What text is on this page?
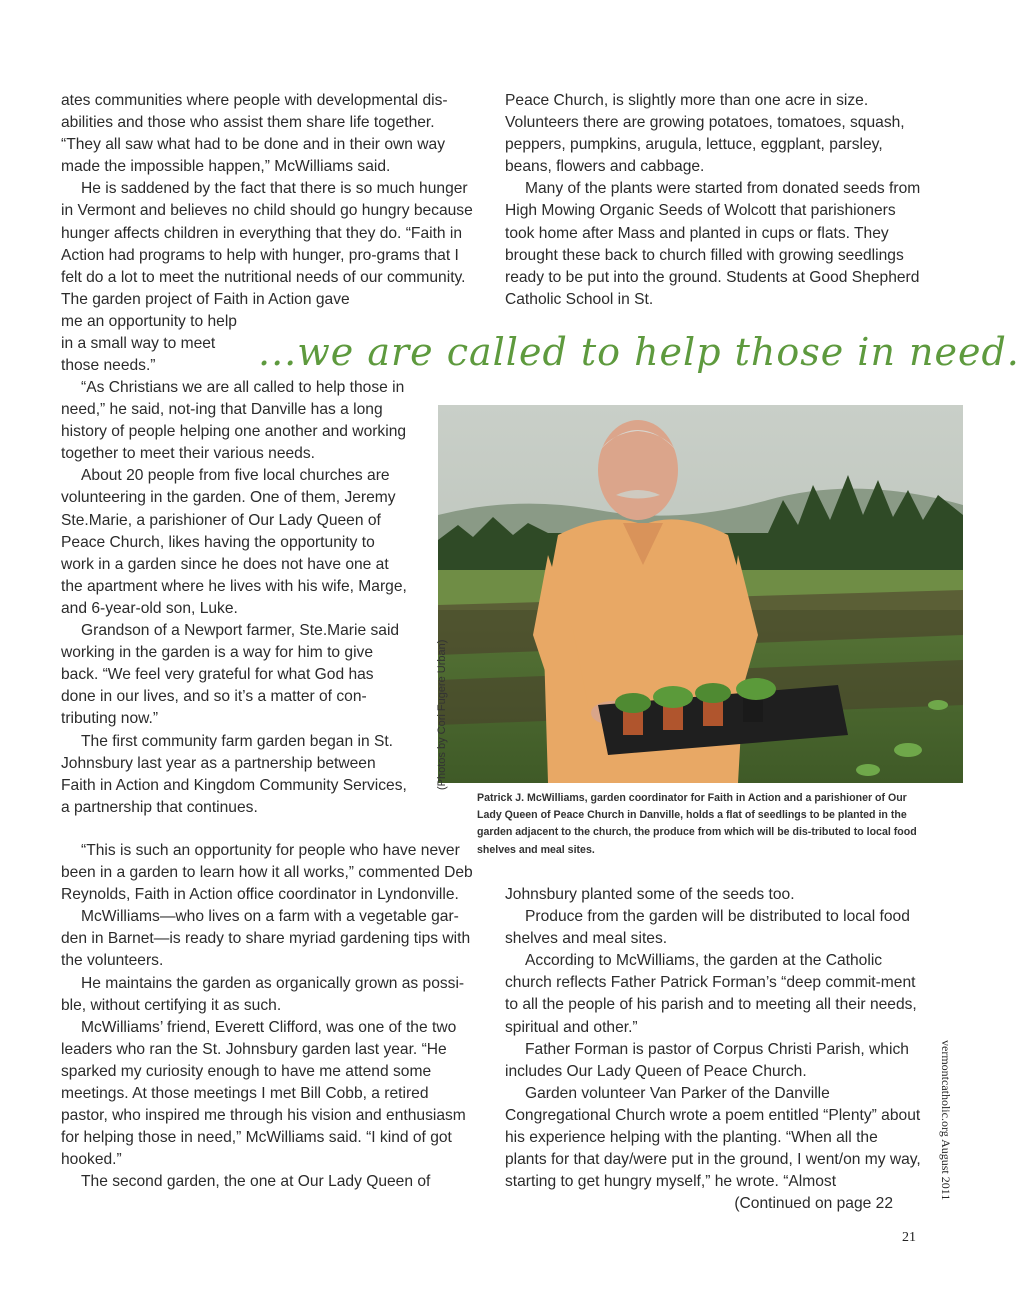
ates communities where people with developmental dis-abilities and those who assist them share life together. “They all saw what had to be done and in their own way made the impossible happen,” McWilliams said.

He is saddened by the fact that there is so much hunger in Vermont and believes no child should go hungry because hunger affects children in everything that they do. “Faith in Action had programs to help with hunger, pro-grams that I felt do a lot to meet the nutritional needs of our community. The garden project of Faith in Action gave

me an opportunity to help in a small way to meet those needs.”

“As Christians we are all called to help those in need,” he said, not-ing that Danville has a long history of people helping one another and working together to meet their various needs.

About 20 people from five local churches are volunteering in the garden. One of them, Jeremy Ste.Marie, a parishioner of Our Lady Queen of Peace Church, likes having the opportunity to work in a garden since he does not have one at the apartment where he lives with his wife, Marge, and 6-year-old son, Luke.

Grandson of a Newport farmer, Ste.Marie said working in the garden is a way for him to give back. “We feel very grateful for what God has done in our lives, and so it’s a matter of con-tributing now.”

The first community farm garden began in St. Johnsbury last year as a partnership between Faith in Action and Kingdom Community Services, a partnership that continues.

“This is such an opportunity for people who have never been in a garden to learn how it all works,” commented Deb Reynolds, Faith in Action office coordinator in Lyndonville.

McWilliams—who lives on a farm with a vegetable gar-den in Barnet—is ready to share myriad gardening tips with the volunteers.

He maintains the garden as organically grown as possi-ble, without certifying it as such.

McWilliams’ friend, Everett Clifford, was one of the two leaders who ran the St. Johnsbury garden last year. “He sparked my curiosity enough to have me attend some meetings. At those meetings I met Bill Cobb, a retired pastor, who inspired me through his vision and enthusiasm for helping those in need,” McWilliams said. “I kind of got hooked.”

The second garden, the one at Our Lady Queen of

Peace Church, is slightly more than one acre in size. Volunteers there are growing potatoes, tomatoes, squash, peppers, pumpkins, arugula, lettuce, eggplant, parsley, beans, flowers and cabbage.

Many of the plants were started from donated seeds from High Mowing Organic Seeds of Wolcott that parishioners took home after Mass and planted in cups or flats. They brought these back to church filled with growing seedlings ready to be put into the ground. Students at Good Shepherd Catholic School in St.

Johnsbury planted some of the seeds too.

Produce from the garden will be distributed to local food shelves and meal sites.

According to McWilliams, the garden at the Catholic church reflects Father Patrick Forman’s “deep commit-ment to all the people of his parish and to meeting all their needs, spiritual and other.”

Father Forman is pastor of Corpus Christi Parish, which includes Our Lady Queen of Peace Church.

Garden volunteer Van Parker of the Danville Congregational Church wrote a poem entitled “Plenty” about his experience helping with the planting. “When all the plants for that day/were put in the ground, I went/on my way, starting to get hungry myself,” he wrote. “Almost

(Continued on page 22

...we are called to help those in need.
(Photos by Cori Fugere Urban)
Patrick J. McWilliams, garden coordinator for Faith in Action and a parishioner of Our Lady Queen of Peace Church in Danville, holds a flat of seedlings to be planted in the garden adjacent to the church, the produce from which will be dis-tributed to local food shelves and meal sites.
vermontcatholic.org August 2011
21
